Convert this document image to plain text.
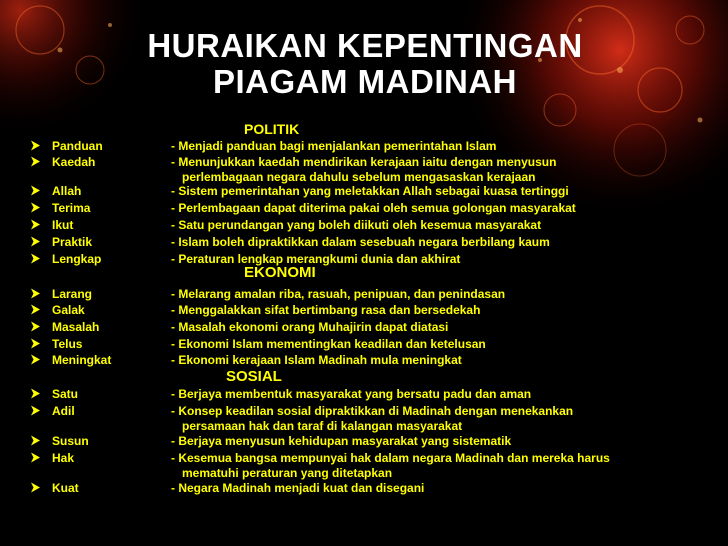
HURAIKAN KEPENTINGAN
PIAGAM MADINAH
POLITIK
EKONOMI
SOSIAL
Panduan	- Menjadi panduan bagi menjalankan pemerintahan Islam
Kaedah	- Menunjukkan kaedah mendirikan kerajaan iaitu dengan menyusun
perlembagaan negara dahulu sebelum mengasaskan kerajaan
Allah	- Sistem pemerintahan yang meletakkan Allah sebagai kuasa tertinggi
Terima	- Perlembagaan dapat diterima pakai oleh semua golongan masyarakat
Ikut	- Satu perundangan yang boleh diikuti oleh kesemua masyarakat
Praktik	- Islam boleh dipraktikkan dalam sesebuah negara berbilang kaum
Lengkap	- Peraturan lengkap merangkumi dunia dan akhirat
Larang	- Melarang amalan riba, rasuah, penipuan, dan penindasan
Galak	- Menggalakkan sifat bertimbang rasa dan bersedekah
Masalah	- Masalah ekonomi orang Muhajirin dapat diatasi
Telus	- Ekonomi Islam mementingkan keadilan dan ketelusan
Meningkat	- Ekonomi kerajaan Islam Madinah mula meningkat
Satu	- Berjaya membentuk masyarakat yang bersatu padu dan aman
Adil	- Konsep keadilan sosial dipraktikkan di Madinah dengan menekankan
persamaan hak dan taraf di kalangan masyarakat
Susun	- Berjaya menyusun kehidupan masyarakat yang sistematik
Hak	- Kesemua bangsa mempunyai hak dalam negara Madinah dan mereka harus
mematuhi peraturan yang ditetapkan
Kuat	- Negara Madinah menjadi kuat dan disegani
